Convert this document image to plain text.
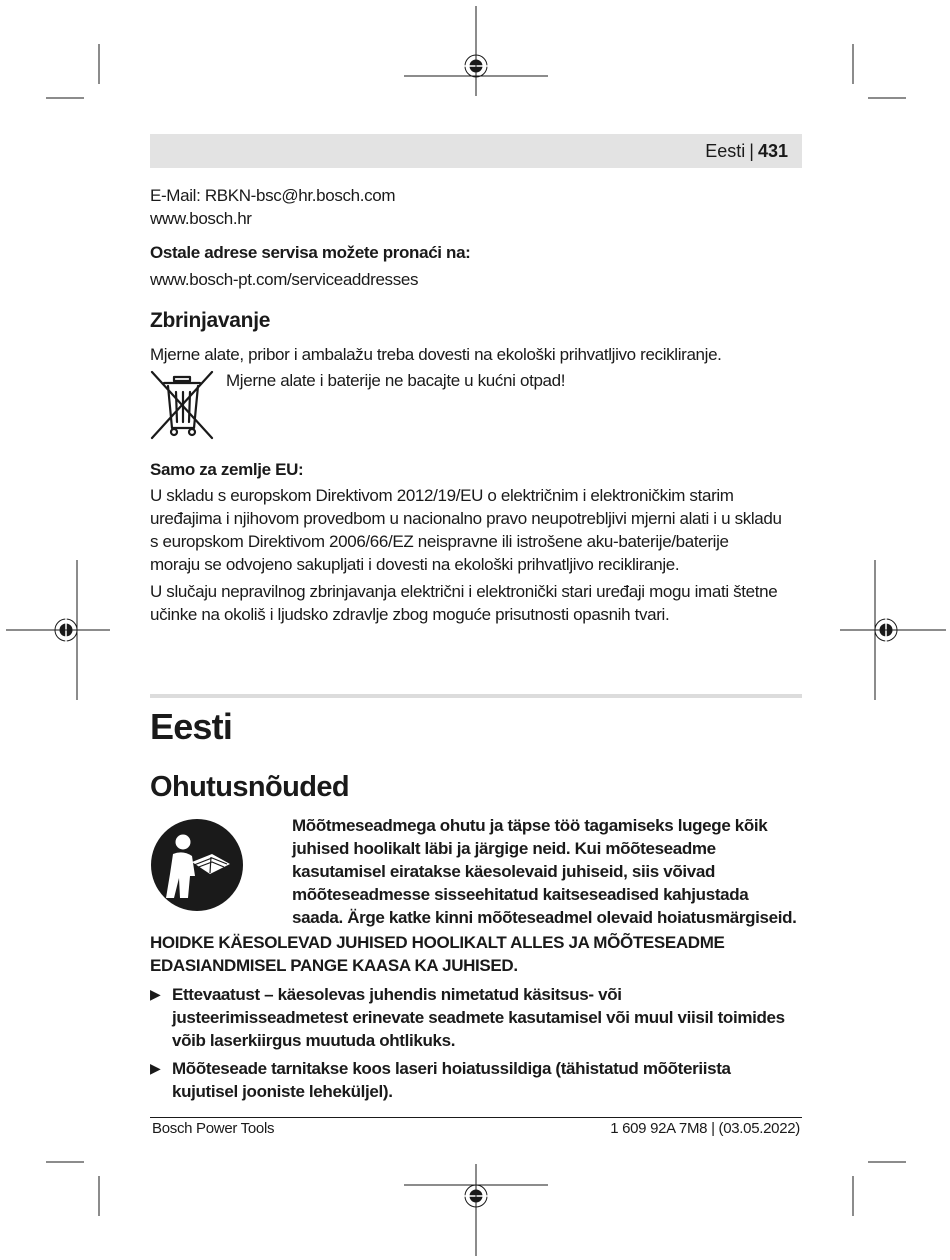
Eesti | 431
E-Mail: RBKN-bsc@hr.bosch.com
www.bosch.hr
Ostale adrese servisa možete pronaći na:
www.bosch-pt.com/serviceaddresses
Zbrinjavanje
Mjerne alate, pribor i ambalažu treba dovesti na ekološki prihvatljivo recikliranje.
Mjerne alate i baterije ne bacajte u kućni otpad!
Samo za zemlje EU:
U skladu s europskom Direktivom 2012/19/EU o električnim i elektroničkim starim
uređajima i njihovom provedbom u nacionalno pravo neupotrebljivi mjerni alati i u skladu
s europskom Direktivom 2006/66/EZ neispravne ili istrošene aku-baterije/baterije
moraju se odvojeno sakupljati i dovesti na ekološki prihvatljivo recikliranje.
U slučaju nepravilnog zbrinjavanja električni i elektronički stari uređaji mogu imati štetne
učinke na okoliš i ljudsko zdravlje zbog moguće prisutnosti opasnih tvari.
Eesti
Ohutusnõuded
Mõõtmeseadmega ohutu ja täpse töö tagamiseks lugege kõik
juhised hoolikalt läbi ja järgige neid. Kui mõõteseadme
kasutamisel eiratakse käesolevaid juhiseid, siis võivad
mõõteseadmesse sisseehitatud kaitseseadised kahjustada
saada. Ärge katke kinni mõõteseadmel olevaid hoiatusmärgiseid.
HOIDKE KÄESOLEVAD JUHISED HOOLIKALT ALLES JA MÕÕTESEADME
EDASIANDMISEL PANGE KAASA KA JUHISED.
▶ Ettevaatust – käesolevas juhendis nimetatud käsitsus- või
justeerimisseadmetest erinevate seadmete kasutamisel või muul viisil toimides
võib laserkiirgus muutuda ohtlikuks.
▶ Mõõteseade tarnitakse koos laseri hoiatussildiga (tähistatud mõõteriista
kujutisel jooniste leheküljel).
Bosch Power Tools	1 609 92A 7M8 | (03.05.2022)
